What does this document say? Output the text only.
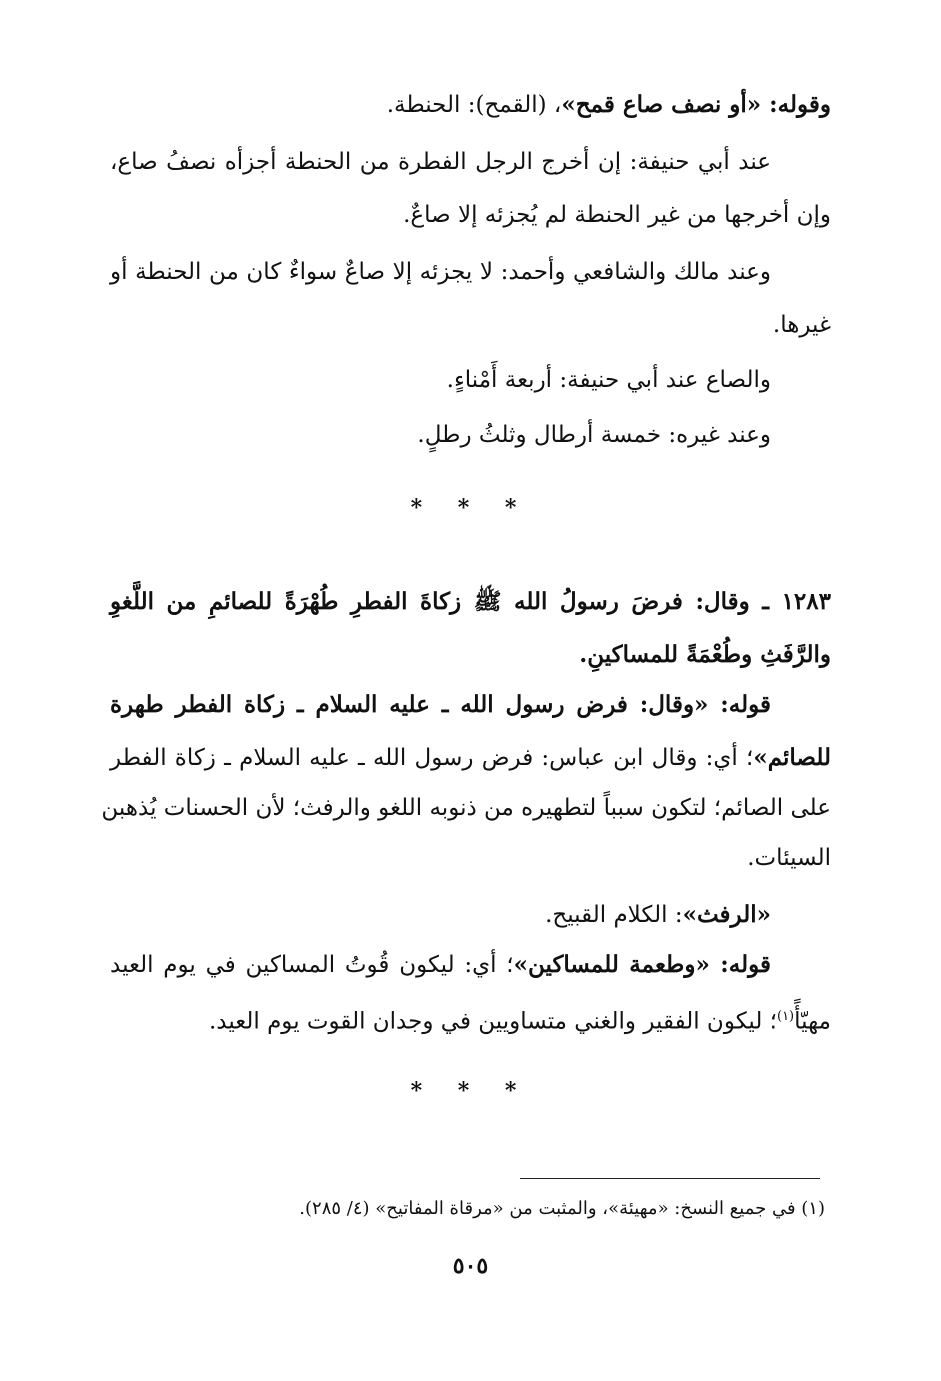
وقوله: «أو نصف صاع قمح»، (القمح): الحنطة.

عند أبي حنيفة: إن أخرج الرجل الفطرة من الحنطة أجزأه نصفُ صاع،

وإن أخرجها من غير الحنطة لم يُجزئه إلا صاعٌ.

وعند مالك والشافعي وأحمد: لا يجزئه إلا صاعٌ سواءٌ كان من الحنطة أو

غيرها.

والصاع عند أبي حنيفة: أربعة أَمْناءٍ.

وعند غيره: خمسة أرطال وثلثُ رطلٍ.

* * *

١٢٨٣ ـ وقال: فرضَ رسولُ الله ﷺ زكاةَ الفطرِ طُهْرَةً للصائمِ من اللَّغوِ

والرَّفَثِ وطُعْمَةً للمساكينِ.

قوله: «وقال: فرض رسول الله ـ عليه السلام ـ زكاة الفطر طهرة

للصائم»؛ أي: وقال ابن عباس: فرض رسول الله ـ عليه السلام ـ زكاة الفطر

على الصائم؛ لتكون سبباً لتطهيره من ذنوبه اللغو والرفث؛ لأن الحسنات يُذهبن

السيئات.

«الرفث»: الكلام القبيح.

قوله: «وطعمة للمساكين»؛ أي: ليكون قُوتُ المساكين في يوم العيد

مهيّأً$^{(١)}$؛ ليكون الفقير والغني متساويين في وجدان القوت يوم العيد.

* * *
(١) في جميع النسخ: «مهيئة»، والمثبت من «مرقاة المفاتيح» (٤/ ٢٨٥).
٥٠٥
